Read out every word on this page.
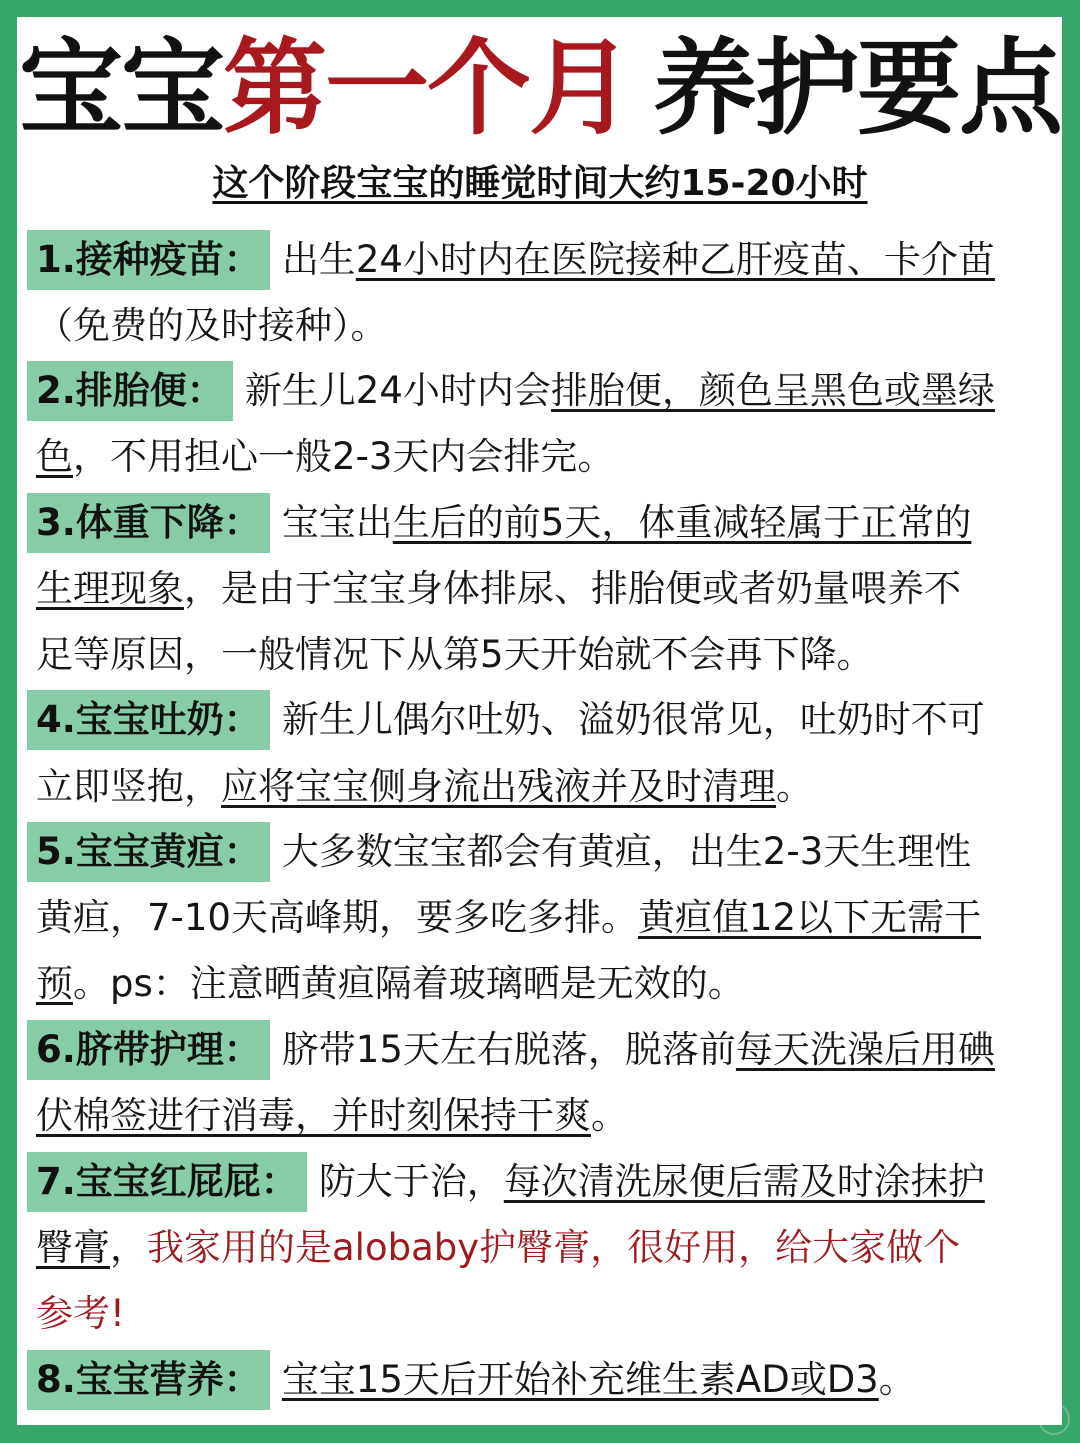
宝宝第一个月 养护要点
这个阶段宝宝的睡觉时间大约15-20小时
1.接种疫苗： 出生24小时内在医院接种乙肝疫苗、卡介苗
（免费的及时接种）。
2.排胎便： 新生儿24小时内会排胎便，颜色呈黑色或墨绿
色，不用担心一般2-3天内会排完。
3.体重下降： 宝宝出生后的前5天，体重减轻属于正常的
生理现象，是由于宝宝身体排尿、排胎便或者奶量喂养不
足等原因，一般情况下从第5天开始就不会再下降。
4.宝宝吐奶： 新生儿偶尔吐奶、溢奶很常见，吐奶时不可
立即竖抱，应将宝宝侧身流出残液并及时清理。
5.宝宝黄疸： 大多数宝宝都会有黄疸，出生2-3天生理性
黄疸，7-10天高峰期，要多吃多排。黄疸值12以下无需干
预。ps：注意晒黄疸隔着玻璃晒是无效的。
6.脐带护理： 脐带15天左右脱落，脱落前每天洗澡后用碘
伏棉签进行消毒，并时刻保持干爽。
7.宝宝红屁屁： 防大于治，每次清洗尿便后需及时涂抹护
臀膏，我家用的是alobaby护臀膏，很好用，给大家做个
参考!
8.宝宝营养： 宝宝15天后开始补充维生素AD或D3。
